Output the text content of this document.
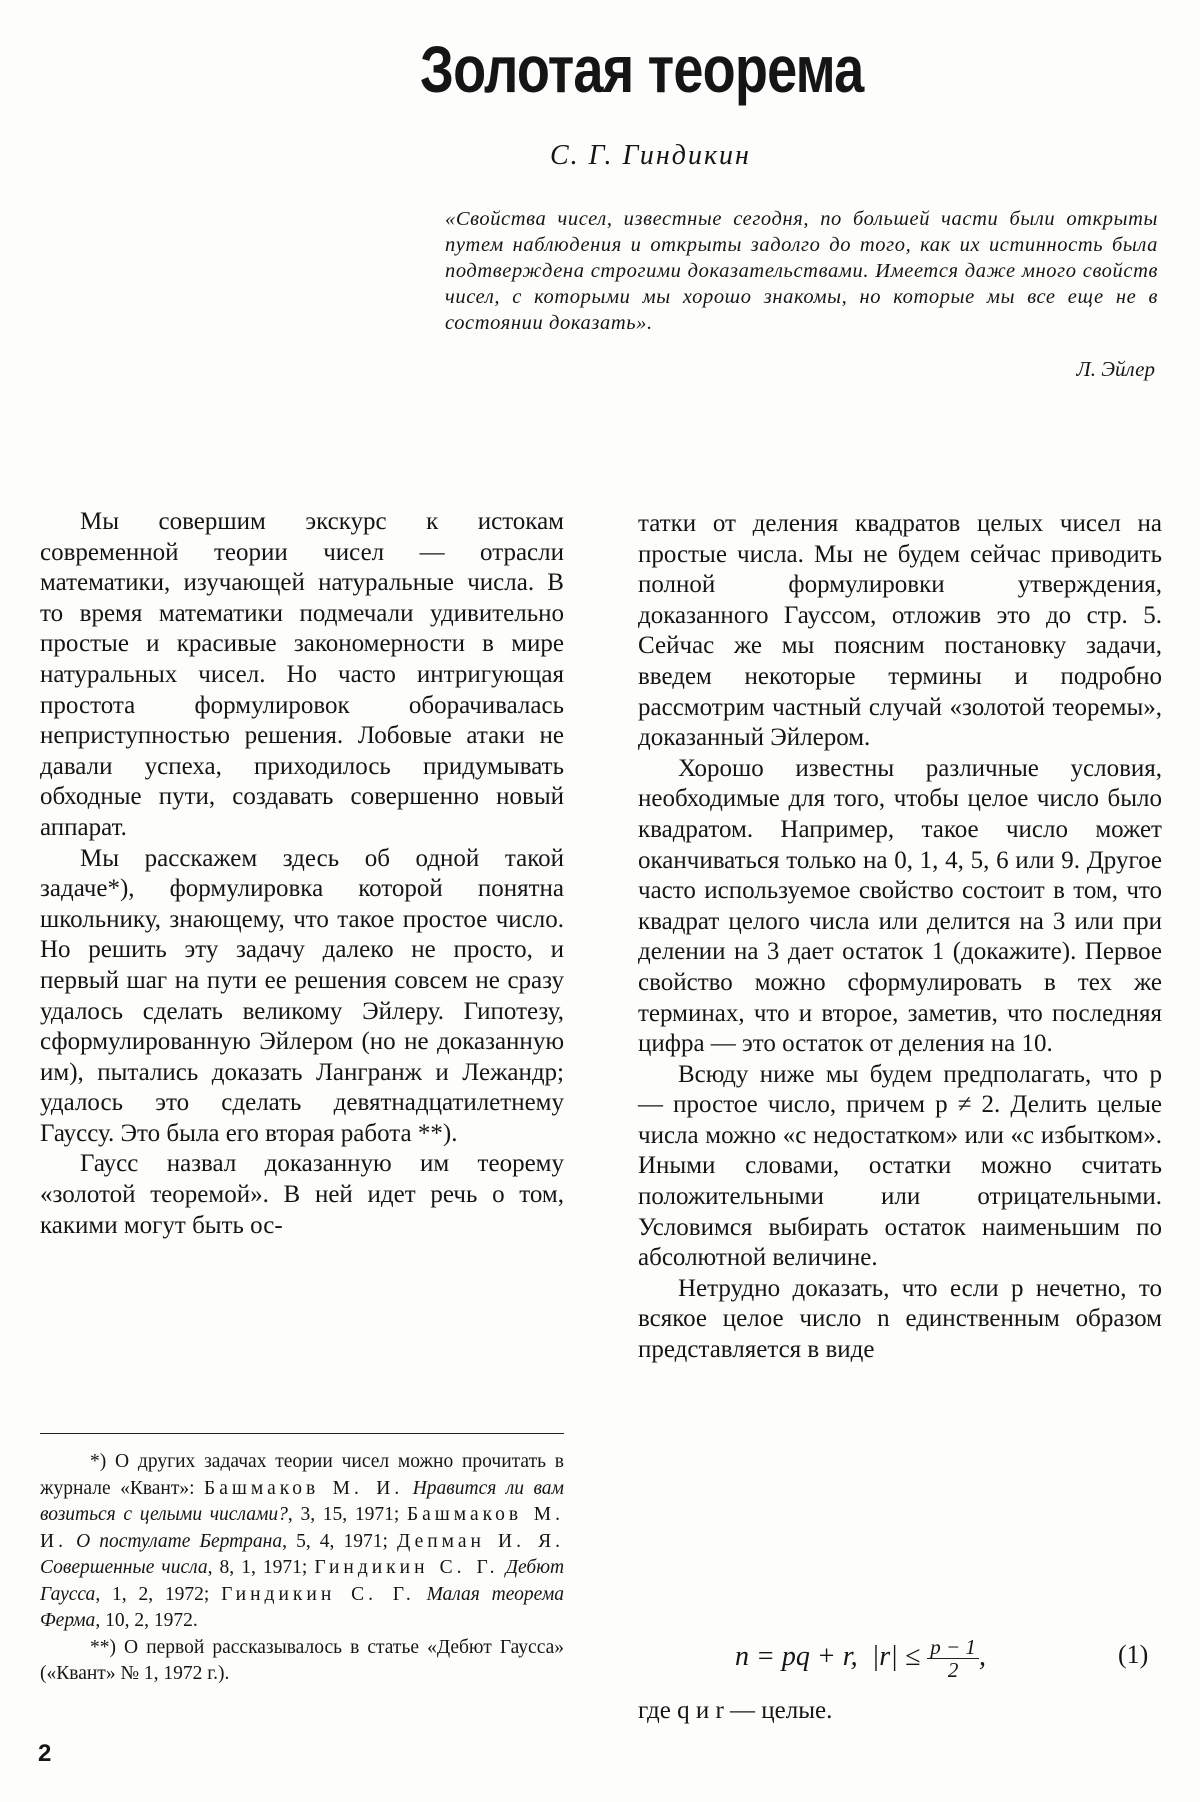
Золотая теорема
С. Г. Гиндикин

«Свойства чисел, известные сегодня, по большей части были открыты путем наблюдения и открыты задолго до того, как их истинность была подтверждена строгими доказательствами. Имеется даже много свойств чисел, с которыми мы хорошо знакомы, но которые мы все еще не в состоянии доказать».

Л. Эйлер

Мы совершим экскурс к истокам современной теории чисел — отрасли математики, изучающей натуральные числа. В то время математики подмечали удивительно простые и красивые закономерности в мире натуральных чисел. Но часто интригующая простота формулировок оборачивалась неприступностью решения. Лобовые атаки не давали успеха, приходилось придумывать обходные пути, создавать совершенно новый аппарат.

Мы расскажем здесь об одной такой задаче*), формулировка которой понятна школьнику, знающему, что такое простое число. Но решить эту задачу далеко не просто, и первый шаг на пути ее решения совсем не сразу удалось сделать великому Эйлеру. Гипотезу, сформулированную Эйлером (но не доказанную им), пытались доказать Лангранж и Лежандр; удалось это сделать девятнадцатилетнему Гауссу. Это была его вторая работа **).

Гаусс назвал доказанную им теорему «золотой теоремой». В ней идет речь о том, какими могут быть ос-

татки от деления квадратов целых чисел на простые числа. Мы не будем сейчас приводить полной формулировки утверждения, доказанного Гауссом, отложив это до стр. 5. Сейчас же мы поясним постановку задачи, введем некоторые термины и подробно рассмотрим частный случай «золотой теоремы», доказанный Эйлером.

Хорошо известны различные условия, необходимые для того, чтобы целое число было квадратом. Например, такое число может оканчиваться только на 0, 1, 4, 5, 6 или 9. Другое часто используемое свойство состоит в том, что квадрат целого числа или делится на 3 или при делении на 3 дает остаток 1 (докажите). Первое свойство можно сформулировать в тех же терминах, что и второе, заметив, что последняя цифра — это остаток от деления на 10.

Всюду ниже мы будем предполагать, что p — простое число, причем p ≠ 2. Делить целые числа можно «с недостатком» или «с избытком». Иными словами, остатки можно считать положительными или отрицательными. Условимся выбирать остаток наименьшим по абсолютной величине.

Нетрудно доказать, что если p нечетно, то всякое целое число n единственным образом представляется в виде

n = pq + r, $|r| \le \frac{p - 1}{2}$ ,	(1)
где q и r — целые.

*) О других задачах теории чисел можно прочитать в журнале «Квант»: Башмаков М. И. Нравится ли вам возиться с целыми числами?, 3, 15, 1971; Башмаков М. И. О постулате Бертрана, 5, 4, 1971; Депман И. Я. Совершенные числа, 8, 1, 1971; Гиндикин С. Г. Дебют Гаусса, 1, 2, 1972; Гиндикин С. Г. Малая теорема Ферма, 10, 2, 1972.

**) О первой рассказывалось в статье «Дебют Гаусса» («Квант» № 1, 1972 г.).

2
